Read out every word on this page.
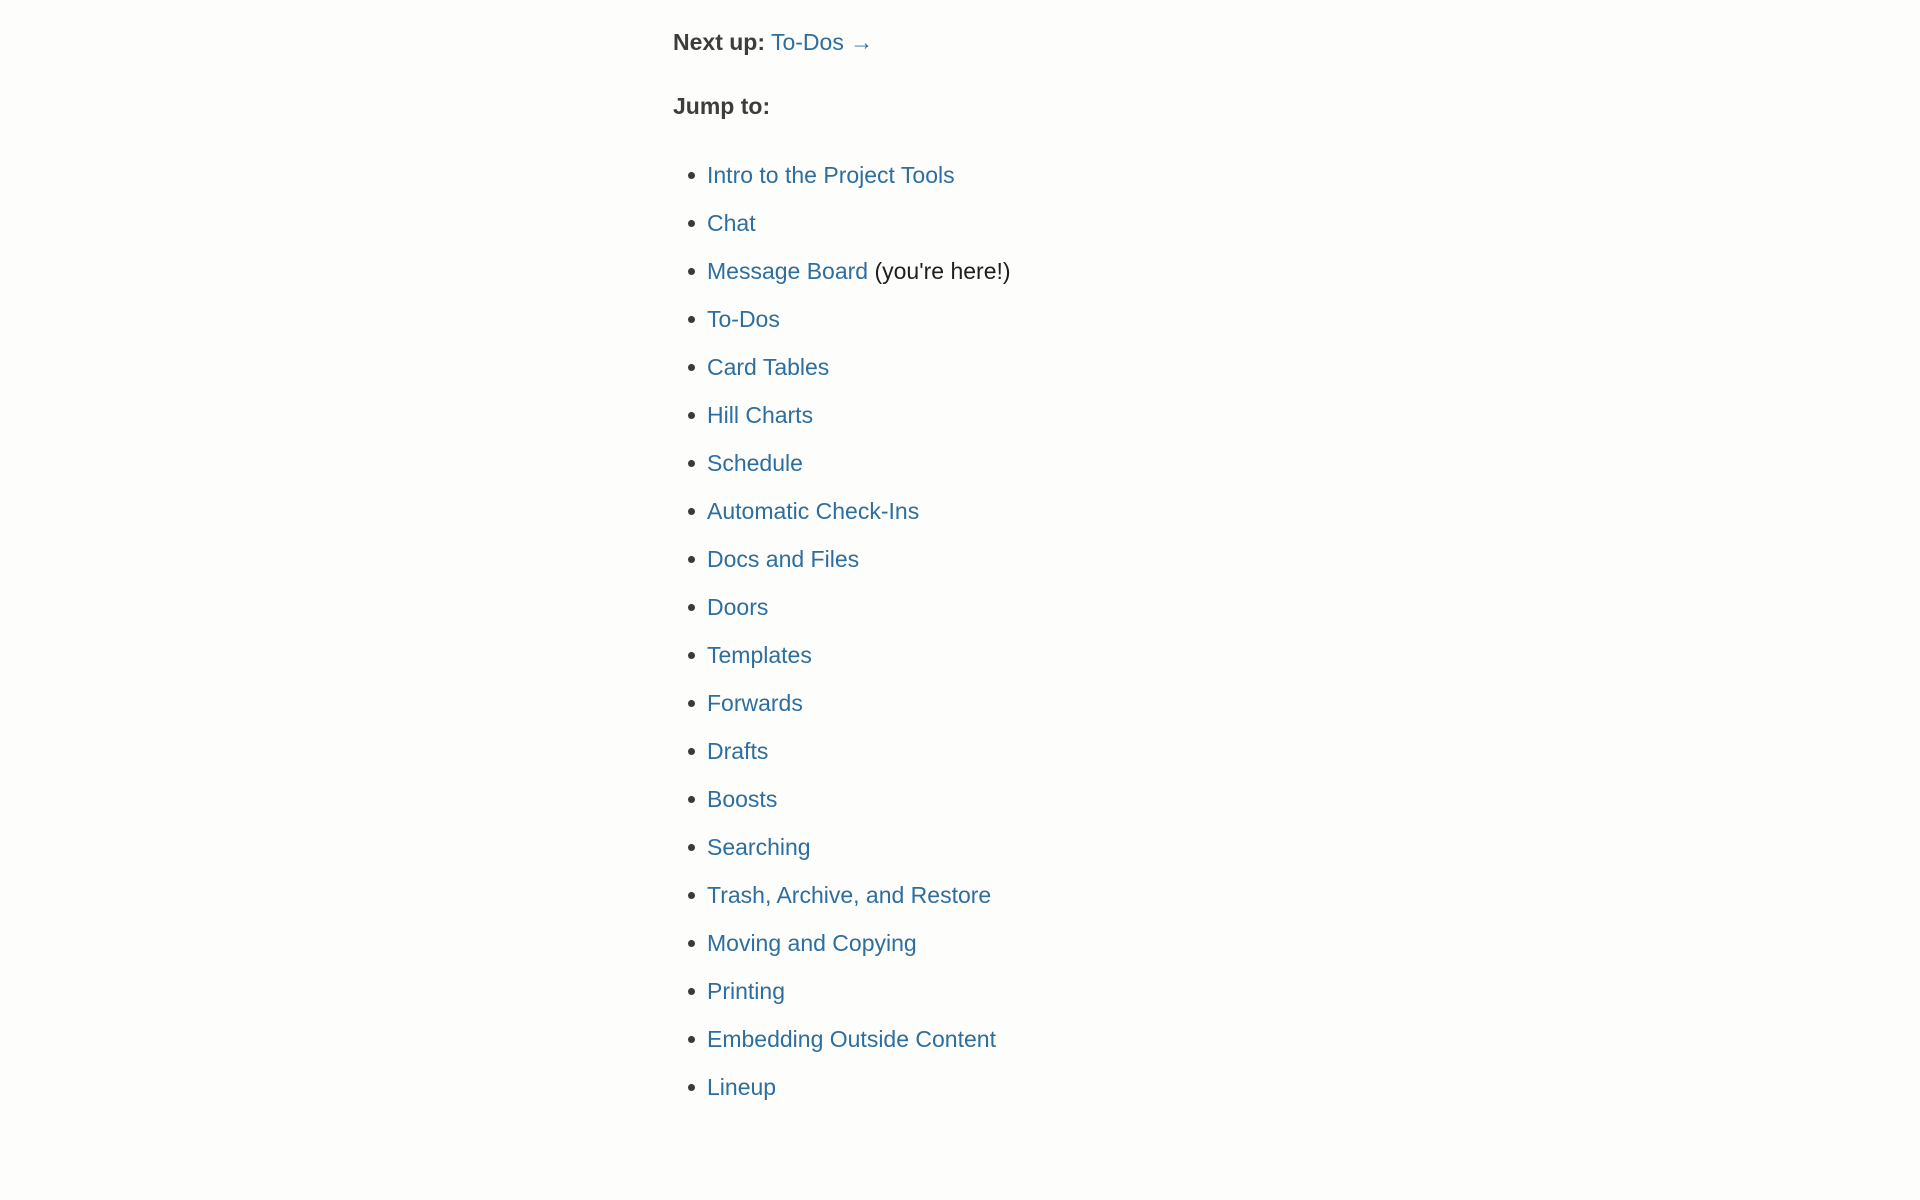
Next up: To-Dos →

Jump to:

Intro to the Project Tools
Chat
Message Board (you're here!)
To-Dos
Card Tables
Hill Charts
Schedule
Automatic Check-Ins
Docs and Files
Doors
Templates
Forwards
Drafts
Boosts
Searching
Trash, Archive, and Restore
Moving and Copying
Printing
Embedding Outside Content
Lineup
